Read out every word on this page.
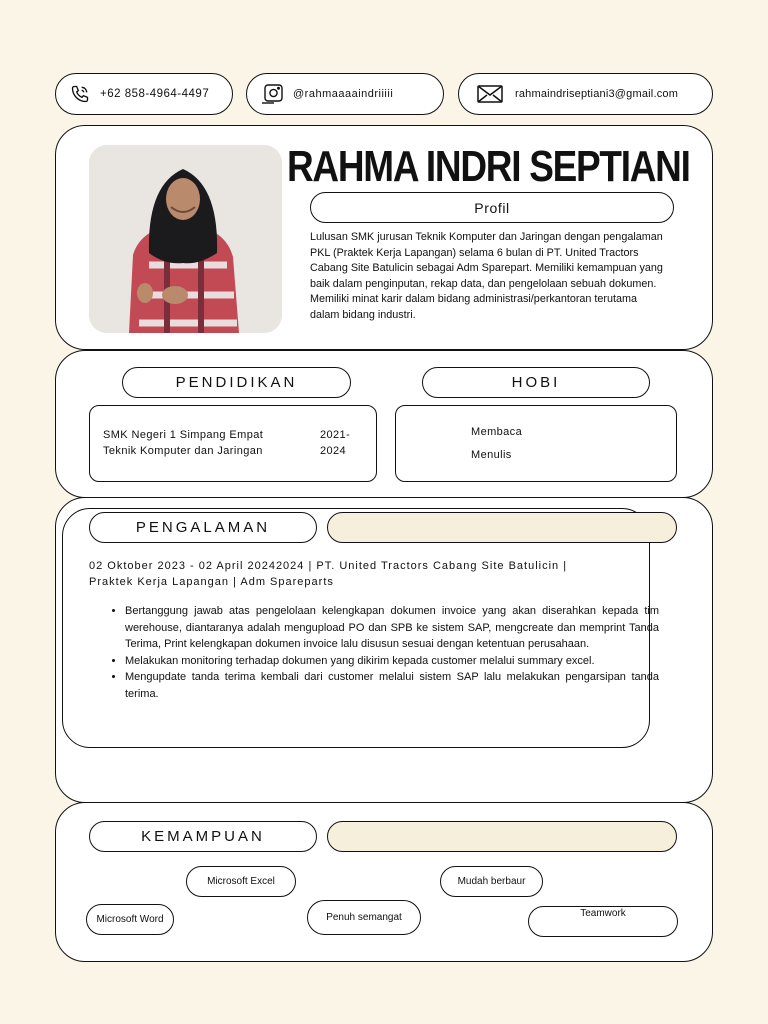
+62 858-4964-4497	@rahmaaaaindriiiii	rahmaindriseptiani3@gmail.com
RAHMA INDRI SEPTIANI
Profil
Lulusan SMK jurusan Teknik Komputer dan Jaringan dengan pengalaman PKL (Praktek Kerja Lapangan) selama 6 bulan di PT. United Tractors Cabang Site Batulicin sebagai Adm Sparepart. Memiliki kemampuan yang baik dalam penginputan, rekap data, dan pengelolaan sebuah dokumen. Memiliki minat karir dalam bidang administrasi/perkantoran terutama dalam bidang industri.
PENDIDIKAN
SMK Negeri 1 Simpang Empat
Teknik Komputer dan Jaringan
2021-
2024
HOBI
Membaca
Menulis
PENGALAMAN
02 Oktober 2023 - 02 April 20242024 | PT. United Tractors Cabang Site Batulicin | Praktek Kerja Lapangan | Adm Spareparts
• Bertanggung jawab atas pengelolaan kelengkapan dokumen invoice yang akan diserahkan kepada tim werehouse, diantaranya adalah mengupload PO dan SPB ke sistem SAP, mengcreate dan memprint Tanda Terima, Print kelengkapan dokumen invoice lalu disusun sesuai dengan ketentuan perusahaan.
• Melakukan monitoring terhadap dokumen yang dikirim kepada customer melalui summary excel.
• Mengupdate tanda terima kembali dari customer melalui sistem SAP lalu melakukan pengarsipan tanda terima.
KEMAMPUAN
Microsoft Excel	Mudah berbaur
Microsoft Word	Penuh semangat	Teamwork
